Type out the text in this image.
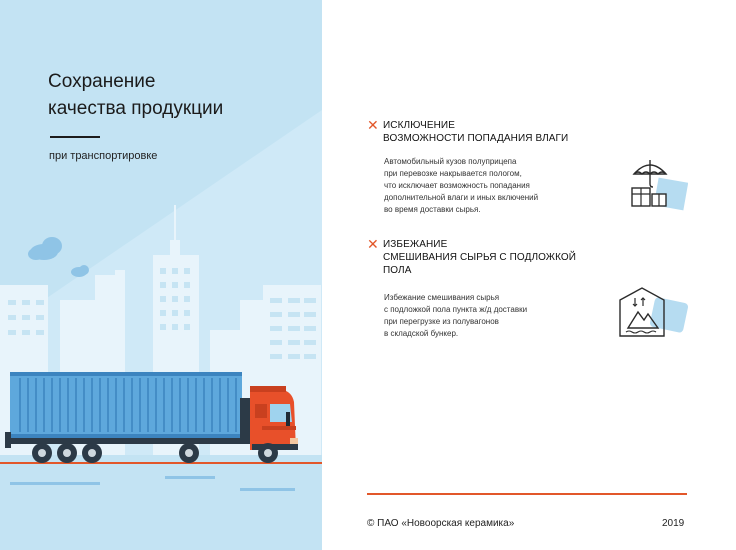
Сохранение
качества продукции
при транспортировке
✕ ИСКЛЮЧЕНИЕ
ВОЗМОЖНОСТИ ПОПАДАНИЯ ВЛАГИ
Автомобильный кузов полуприцепа
при перевозке накрывается пологом,
что исключает возможность попадания
дополнительной влаги и иных включений
во время доставки сырья.
✕ ИЗБЕЖАНИЕ
СМЕШИВАНИЯ СЫРЬЯ С ПОДЛОЖКОЙ
ПОЛА
Избежание смешивания сырья
с подложкой пола пункта ж/д доставки
при перегрузке из полувагонов
в складской бункер.
© ПАО «Новоорская керамика»	2019
